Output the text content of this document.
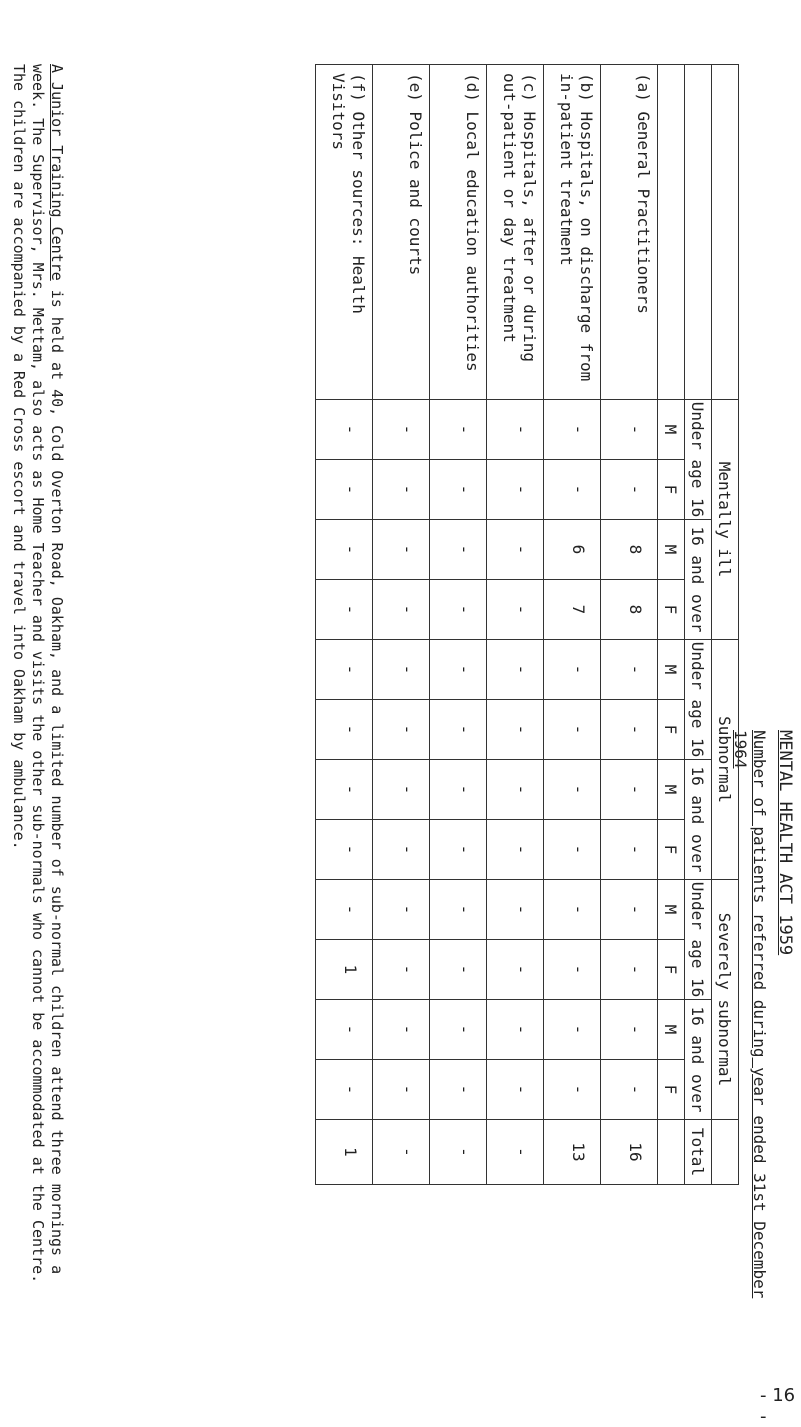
MENTAL HEALTH ACT 1959
Number of patients referred during year ended 31st December 1964
	Mentally ill				Subnormal				Severely subnormal				
	Under age 16		16 and over		Under age 16		16 and over		Under age 16		16 and over		Total
	M	F	M	F	M	F	M	F	M	F	M	F	
(a) General Practitioners	-	-	8	8	-	-	-	-	-	-	-	-	16
(b) Hospitals, on discharge from in-patient treatment	-	-	6	7	-	-	-	-	-	-	-	-	13
(c) Hospitals, after or during out-patient or day treatment	-	-	-	-	-	-	-	-	-	-	-	-	-
(d) Local education authorities	-	-	-	-	-	-	-	-	-	-	-	-	-
(e) Police and courts	-	-	-	-	-	-	-	-	-	-	-	-	-
(f) Other sources: Health Visitors	-	-	-	-	-	-	-	-	-	1	-	-	1

A Junior Training Centre is held at 40, Cold Overton Road, Oakham, and a limited number of sub-normal children attend three mornings a

week. The Supervisor, Mrs. Mettam, also acts as Home Teacher and visits the other sub-normals who cannot be accommodated at the Centre.

The children are accompanied by a Red Cross escort and travel into Oakham by ambulance.

- 16 -
